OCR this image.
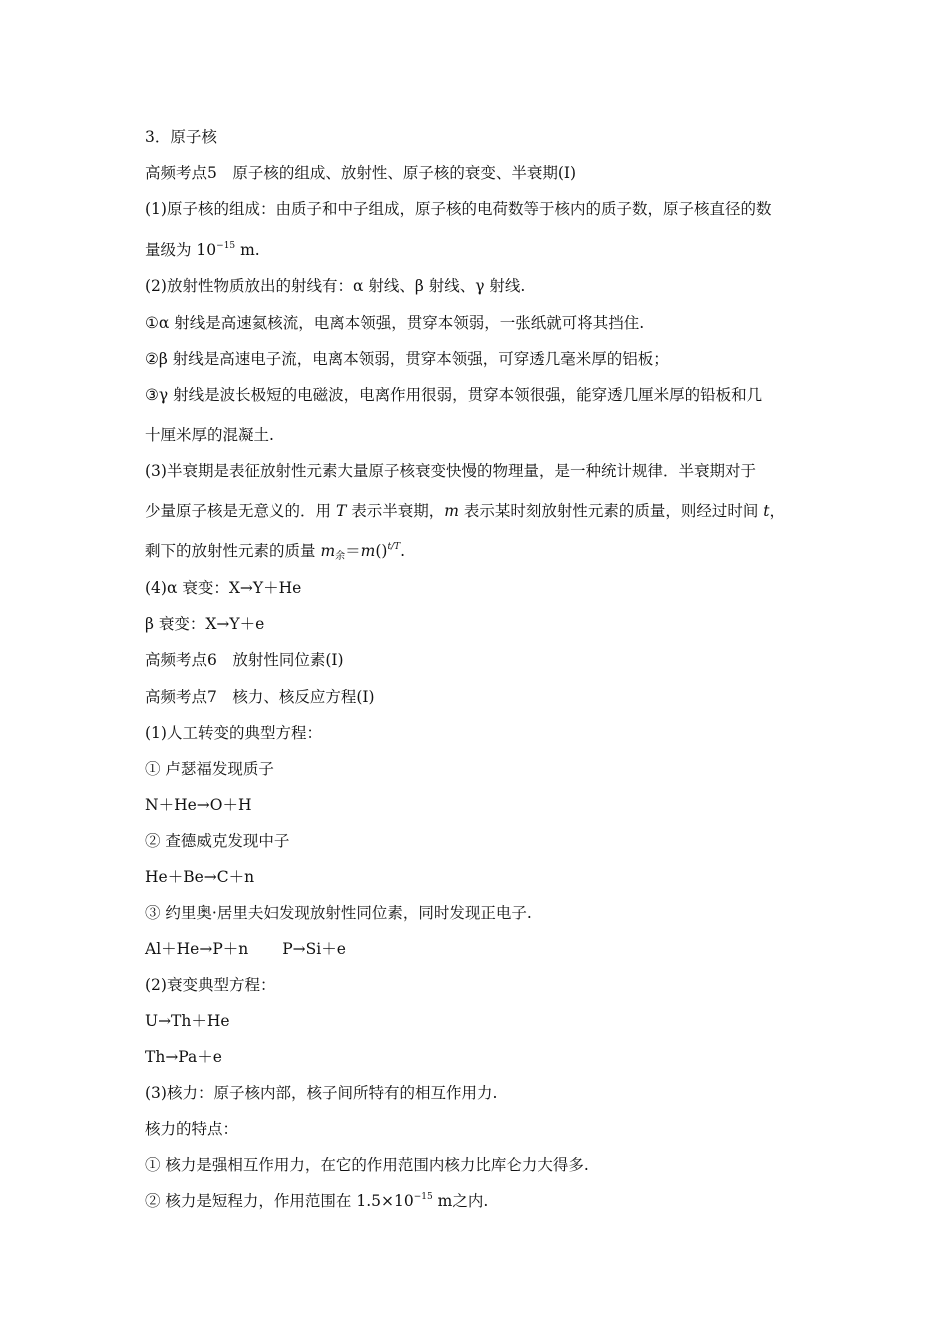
3．原子核
高频考点5　原子核的组成、放射性、原子核的衰变、半衰期(Ⅰ)
(1)原子核的组成：由质子和中子组成，原子核的电荷数等于核内的质子数，原子核直径的数
量级为 $10^{-15}$ m.
(2)放射性物质放出的射线有：α 射线、β 射线、γ 射线.
①α 射线是高速氦核流，电离本领强，贯穿本领弱，一张纸就可将其挡住.
②β 射线是高速电子流，电离本领弱，贯穿本领强，可穿透几毫米厚的铝板；
③γ 射线是波长极短的电磁波，电离作用很弱，贯穿本领很强，能穿透几厘米厚的铅板和几
十厘米厚的混凝土.
(3)半衰期是表征放射性元素大量原子核衰变快慢的物理量，是一种统计规律．半衰期对于
少量原子核是无意义的．用 T 表示半衰期，m 表示某时刻放射性元素的质量，则经过时间 t，
剩下的放射性元素的质量 $m_余=m()^{t/T}$.
(4)α 衰变：X→Y＋He
β 衰变：X→Y＋e
高频考点6　放射性同位素(Ⅰ)
高频考点7　核力、核反应方程(Ⅰ)
(1)人工转变的典型方程：
① 卢瑟福发现质子
N＋He→O＋H
② 查德威克发现中子
He＋Be→C＋n
③ 约里奥·居里夫妇发现放射性同位素，同时发现正电子.
Al＋He→P＋n P→Si＋e
(2)衰变典型方程：
U→Th＋He
Th→Pa＋e
(3)核力：原子核内部，核子间所特有的相互作用力.
核力的特点：
① 核力是强相互作用力，在它的作用范围内核力比库仑力大得多.
② 核力是短程力，作用范围在 $1.5\times 10^{-15}$ m之内.
